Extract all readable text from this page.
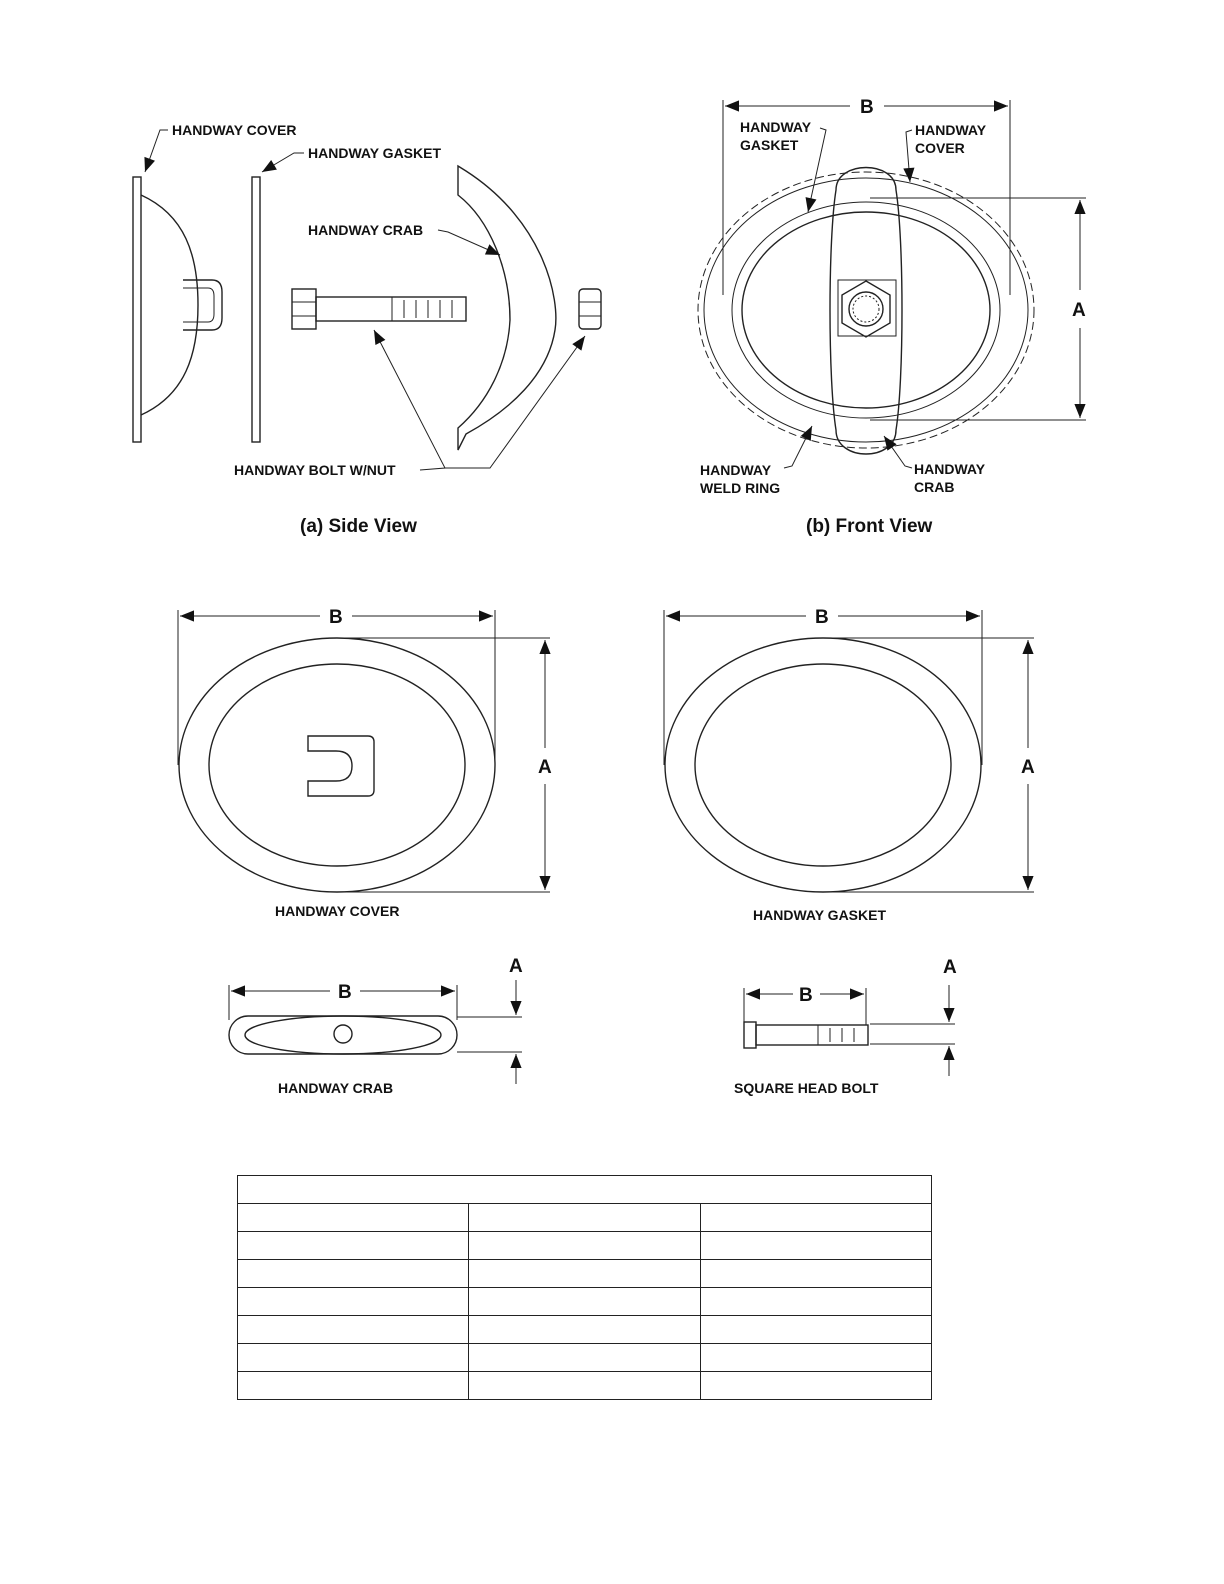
HANDWAY COVER
HANDWAY GASKET
HANDWAY CRAB
HANDWAY BOLT W/NUT
(a) Side View
B
A
HANDWAY
GASKET
HANDWAY
COVER
HANDWAY
WELD RING
HANDWAY
CRAB
(b) Front View
B
A
HANDWAY COVER
B
A
HANDWAY GASKET
B
A
HANDWAY CRAB
B
A
SQUARE HEAD BOLT
